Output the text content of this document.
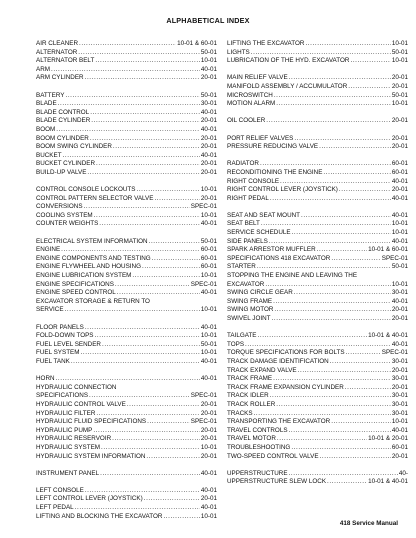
ALPHABETICAL INDEX
AIR CLEANER .....	10-01 & 60-01
ALTERNATOR .....	50-01
ALTERNATOR BELT .....	10-01
ARM .....	40-01
ARM CYLINDER .....	20-01
BATTERY .....	50-01
BLADE .....	30-01
BLADE CONTROL .....	40-01
BLADE CYLINDER .....	20-01
BOOM .....	40-01
BOOM CYLINDER .....	20-01
BOOM SWING CYLINDER .....	20-01
BUCKET .....	40-01
BUCKET CYLINDER .....	20-01
BUILD-UP VALVE .....	20-01
CONTROL CONSOLE LOCKOUTS .....	10-01
CONTROL PATTERN SELECTOR VALVE .....	20-01
CONVERSIONS .....	SPEC-01
COOLING SYSTEM .....	10-01
COUNTER WEIGHTS .....	40-01
ELECTRICAL SYSTEM INFORMATION .....	50-01
ENGINE .....	60-01
ENGINE COMPONENTS AND TESTING .....	60-01
ENGINE FLYWHEEL AND HOUSING .....	60-01
ENGINE LUBRICATION SYSTEM .....	10-01
ENGINE SPECIFICATIONS .....	SPEC-01
ENGINE SPEED CONTROL .....	40-01
EXCAVATOR STORAGE & RETURN TO
SERVICE .....	10-01
FLOOR PANELS .....	40-01
FOLD-DOWN TOPS .....	10-01
FUEL LEVEL SENDER .....	50-01
FUEL SYSTEM .....	10-01
FUEL TANK .....	40-01
HORN .....	40-01
HYDRAULIC CONNECTION
SPECIFICATIONS .....	SPEC-01
HYDRAULIC CONTROL VALVE .....	20-01
HYDRAULIC FILTER .....	20-01
HYDRAULIC FLUID SPECIFICATIONS .....	SPEC-01
HYDRAULIC PUMP .....	20-01
HYDRAULIC RESERVOIR .....	20-01
HYDRAULIC SYSTEM .....	10-01
HYDRAULIC SYSTEM INFORMATION .....	20-01
INSTRUMENT PANEL .....	40-01
LEFT CONSOLE .....	40-01
LEFT CONTROL LEVER (JOYSTICK) .....	20-01
LEFT PEDAL .....	40-01
LIFTING AND BLOCKING THE EXCAVATOR .....	10-01
LIFTING THE EXCAVATOR .....	10-01
LIGHTS .....	50-01
LUBRICATION OF THE HYD. EXCAVATOR .....	10-01
MAIN RELIEF VALVE .....	20-01
MANIFOLD ASSEMBLY / ACCUMULATOR .....	20-01
MICROSWITCH .....	50-01
MOTION ALARM .....	10-01
OIL COOLER .....	20-01
PORT RELIEF VALVES .....	20-01
PRESSURE REDUCING VALVE .....	20-01
RADIATOR .....	60-01
RECONDITIONING THE ENGINE .....	60-01
RIGHT CONSOLE .....	40-01
RIGHT CONTROL LEVER (JOYSTICK) .....	20-01
RIGHT PEDAL .....	40-01
SEAT AND SEAT MOUNT .....	40-01
SEAT BELT .....	10-01
SERVICE SCHEDULE .....	10-01
SIDE PANELS .....	40-01
SPARK ARRESTOR MUFFLER .....	10-01 & 60-01
SPECIFICATIONS 418 EXCAVATOR .....	SPEC-01
STARTER .....	50-01
STOPPING THE ENGINE AND LEAVING THE
EXCAVATOR .....	10-01
SWING CIRCLE GEAR .....	30-01
SWING FRAME .....	40-01
SWING MOTOR .....	20-01
SWIVEL JOINT .....	20-01
TAILGATE .....	10-01 & 40-01
TOPS .....	40-01
TORQUE SPECIFICATIONS FOR BOLTS .....	SPEC-01
TRACK DAMAGE IDENTIFICATION .....	30-01
TRACK EXPAND VALVE .....	20-01
TRACK FRAME .....	30-01
TRACK FRAME EXPANSION CYLINDER .....	20-01
TRACK IDLER .....	30-01
TRACK ROLLER .....	30-01
TRACKS .....	30-01
TRANSPORTING THE EXCAVATOR .....	10-01
TRAVEL CONTROLS .....	40-01
TRAVEL MOTOR .....	10-01 & 20-01
TROUBLESHOOTING .....	60-01
TWO-SPEED CONTROL VALVE .....	20-01
UPPERSTRUCTURE .....	40-
UPPERSTRUCTURE SLEW LOCK .....	10-01 & 40-01
418 Service Manual
